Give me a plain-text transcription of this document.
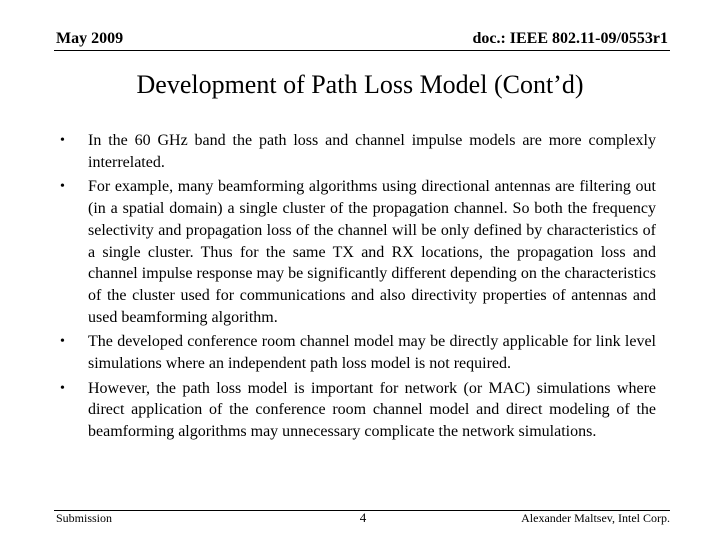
May 2009	doc.: IEEE 802.11-09/0553r1
Development of Path Loss Model (Cont’d)
• In the 60 GHz band the path loss and channel impulse models are more complexly interrelated.
• For example, many beamforming algorithms using directional antennas are filtering out (in a spatial domain) a single cluster of the propagation channel. So both the frequency selectivity and propagation loss of the channel will be only defined by characteristics of a single cluster. Thus for the same TX and RX locations, the propagation loss and channel impulse response may be significantly different depending on the characteristics of the cluster used for communications and also directivity properties of antennas and used beamforming algorithm.
• The developed conference room channel model may be directly applicable for link level simulations where an independent path loss model is not required.
• However, the path loss model is important for network (or MAC) simulations where direct application of the conference room channel model and direct modeling of the beamforming algorithms may unnecessary complicate the network simulations.
Submission	4	Alexander Maltsev, Intel Corp.
